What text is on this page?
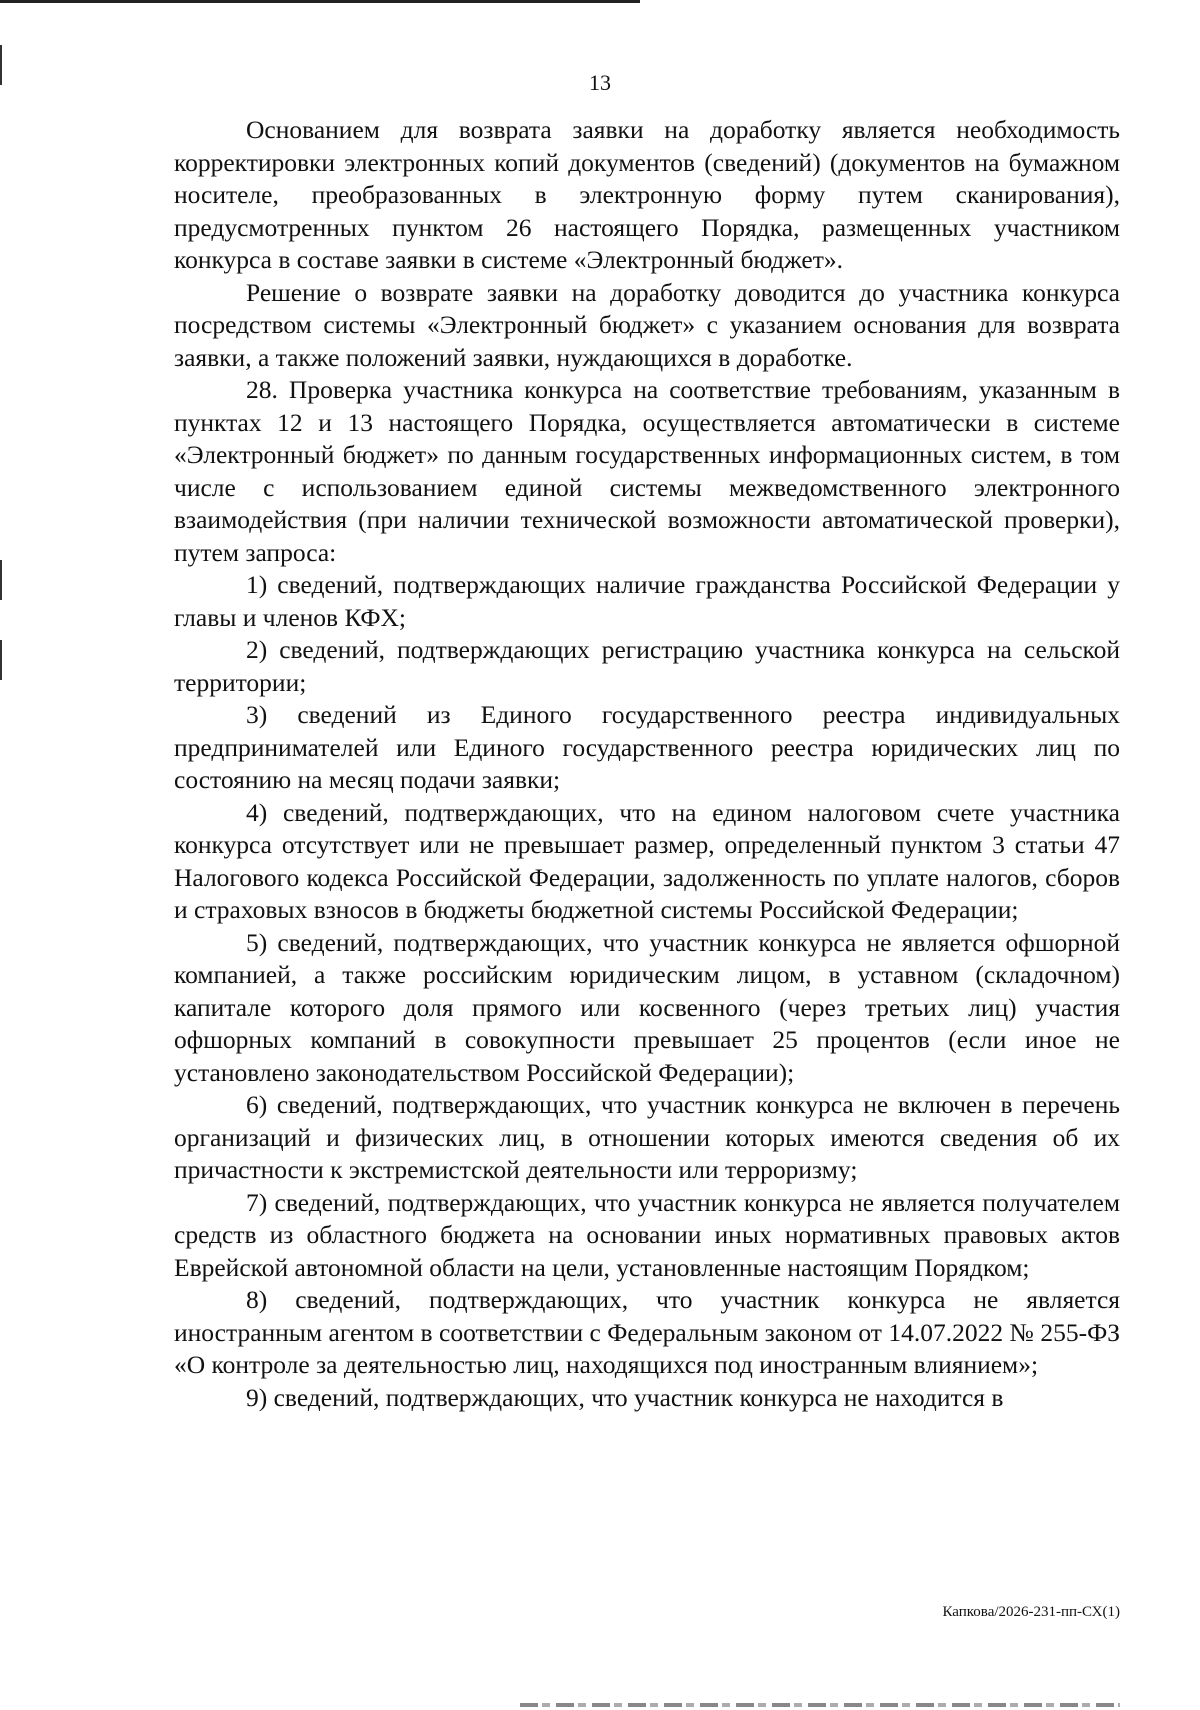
13

Основанием для возврата заявки на доработку является необходимость корректировки электронных копий документов (сведений) (документов на бумажном носителе, преобразованных в электронную форму путем сканирования), предусмотренных пунктом 26 настоящего Порядка, размещенных участником конкурса в составе заявки в системе «Электронный бюджет».

Решение о возврате заявки на доработку доводится до участника конкурса посредством системы «Электронный бюджет» с указанием основания для возврата заявки, а также положений заявки, нуждающихся в доработке.

28. Проверка участника конкурса на соответствие требованиям, указанным в пунктах 12 и 13 настоящего Порядка, осуществляется автоматически в системе «Электронный бюджет» по данным государственных информационных систем, в том числе с использованием единой системы межведомственного электронного взаимодействия (при наличии технической возможности автоматической проверки), путем запроса:

1) сведений, подтверждающих наличие гражданства Российской Федерации у главы и членов КФХ;

2) сведений, подтверждающих регистрацию участника конкурса на сельской территории;

3) сведений из Единого государственного реестра индивидуальных предпринимателей или Единого государственного реестра юридических лиц по состоянию на месяц подачи заявки;

4) сведений, подтверждающих, что на едином налоговом счете участника конкурса отсутствует или не превышает размер, определенный пунктом 3 статьи 47 Налогового кодекса Российской Федерации, задолженность по уплате налогов, сборов и страховых взносов в бюджеты бюджетной системы Российской Федерации;

5) сведений, подтверждающих, что участник конкурса не является офшорной компанией, а также российским юридическим лицом, в уставном (складочном) капитале которого доля прямого или косвенного (через третьих лиц) участия офшорных компаний в совокупности превышает 25 процентов (если иное не установлено законодательством Российской Федерации);

6) сведений, подтверждающих, что участник конкурса не включен в перечень организаций и физических лиц, в отношении которых имеются сведения об их причастности к экстремистской деятельности или терроризму;

7) сведений, подтверждающих, что участник конкурса не является получателем средств из областного бюджета на основании иных нормативных правовых актов Еврейской автономной области на цели, установленные настоящим Порядком;

8) сведений, подтверждающих, что участник конкурса не является иностранным агентом в соответствии с Федеральным законом от 14.07.2022 № 255-ФЗ «О контроле за деятельностью лиц, находящихся под иностранным влиянием»;

9) сведений, подтверждающих, что участник конкурса не находится в

Капкова/2026-231-пп-СХ(1)
